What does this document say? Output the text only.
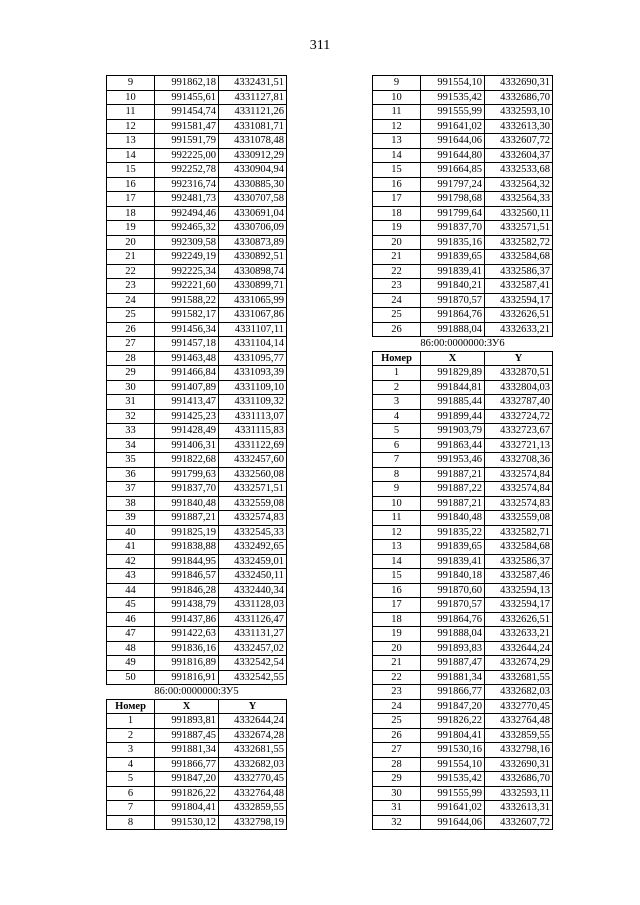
311
9	991862,18	4332431,51
10	991455,61	4331127,81
11	991454,74	4331121,26
12	991581,47	4331081,71
13	991591,79	4331078,48
14	992225,00	4330912,29
15	992252,78	4330904,94
16	992316,74	4330885,30
17	992481,73	4330707,58
18	992494,46	4330691,04
19	992465,32	4330706,09
20	992309,58	4330873,89
21	992249,19	4330892,51
22	992225,34	4330898,74
23	992221,60	4330899,71
24	991588,22	4331065,99
25	991582,17	4331067,86
26	991456,34	4331107,11
27	991457,18	4331104,14
28	991463,48	4331095,77
29	991466,84	4331093,39
30	991407,89	4331109,10
31	991413,47	4331109,32
32	991425,23	4331113,07
33	991428,49	4331115,83
34	991406,31	4331122,69
35	991822,68	4332457,60
36	991799,63	4332560,08
37	991837,70	4332571,51
38	991840,48	4332559,08
39	991887,21	4332574,83
40	991825,19	4332545,33
41	991838,88	4332492,65
42	991844,95	4332459,01
43	991846,57	4332450,11
44	991846,28	4332440,34
45	991438,79	4331128,03
46	991437,86	4331126,47
47	991422,63	4331131,27
48	991836,16	4332457,02
49	991816,89	4332542,54
50	991816,91	4332542,55
86:00:0000000:ЗУ5		
Номер	X	Y
1	991893,81	4332644,24
2	991887,45	4332674,28
3	991881,34	4332681,55
4	991866,77	4332682,03
5	991847,20	4332770,45
6	991826,22	4332764,48
7	991804,41	4332859,55
8	991530,12	4332798,19
9	991554,10	4332690,31
10	991535,42	4332686,70
11	991555,99	4332593,10
12	991641,02	4332613,30
13	991644,06	4332607,72
14	991644,80	4332604,37
15	991664,85	4332533,68
16	991797,24	4332564,32
17	991798,68	4332564,33
18	991799,64	4332560,11
19	991837,70	4332571,51
20	991835,16	4332582,72
21	991839,65	4332584,68
22	991839,41	4332586,37
23	991840,21	4332587,41
24	991870,57	4332594,17
25	991864,76	4332626,51
26	991888,04	4332633,21
86:00:0000000:ЗУ6		
Номер	X	Y
1	991829,89	4332870,51
2	991844,81	4332804,03
3	991885,44	4332787,40
4	991899,44	4332724,72
5	991903,79	4332723,67
6	991863,44	4332721,13
7	991953,46	4332708,36
8	991887,21	4332574,84
9	991887,22	4332574,84
10	991887,21	4332574,83
11	991840,48	4332559,08
12	991835,22	4332582,71
13	991839,65	4332584,68
14	991839,41	4332586,37
15	991840,18	4332587,46
16	991870,60	4332594,13
17	991870,57	4332594,17
18	991864,76	4332626,51
19	991888,04	4332633,21
20	991893,83	4332644,24
21	991887,47	4332674,29
22	991881,34	4332681,55
23	991866,77	4332682,03
24	991847,20	4332770,45
25	991826,22	4332764,48
26	991804,41	4332859,55
27	991530,16	4332798,16
28	991554,10	4332690,31
29	991535,42	4332686,70
30	991555,99	4332593,11
31	991641,02	4332613,31
32	991644,06	4332607,72
